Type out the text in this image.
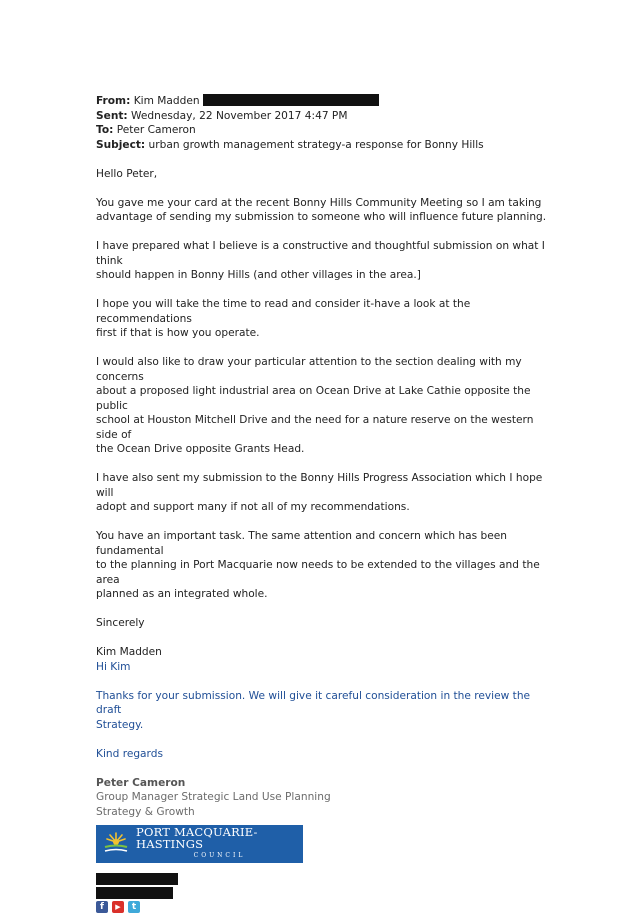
From: Kim Madden

Sent: Wednesday, 22 November 2017 4:47 PM

To: Peter Cameron

Subject: urban growth management strategy-a response for Bonny Hills

Hello Peter,

You gave me your card at the recent Bonny Hills Community Meeting so I am taking

advantage of sending my submission to someone who will influence future planning.

I have prepared what I believe is a constructive and thoughtful submission on what I think

should happen in Bonny Hills (and other villages in the area.]

I hope you will take the time to read and consider it-have a look at the recommendations

first if that is how you operate.

I would also like to draw your particular attention to the section dealing with my concerns

about a proposed light industrial area on Ocean Drive at Lake Cathie opposite the public

school at Houston Mitchell Drive and the need for a nature reserve on the western side of

the Ocean Drive opposite Grants Head.

I have also sent my submission to the Bonny Hills Progress Association which I hope will

adopt and support many if not all of my recommendations.

You have an important task. The same attention and concern which has been fundamental

to the planning in Port Macquarie now needs to be extended to the villages and the area

planned as an integrated whole.

Sincerely

Kim Madden

Hi Kim

Thanks for your submission. We will give it careful consideration in the review the draft

Strategy.

Kind regards

Peter Cameron

Group Manager Strategic Land Use Planning

Strategy & Growth

PORT MACQUARIE-HASTINGS
COUNCIL
f	▶	t
